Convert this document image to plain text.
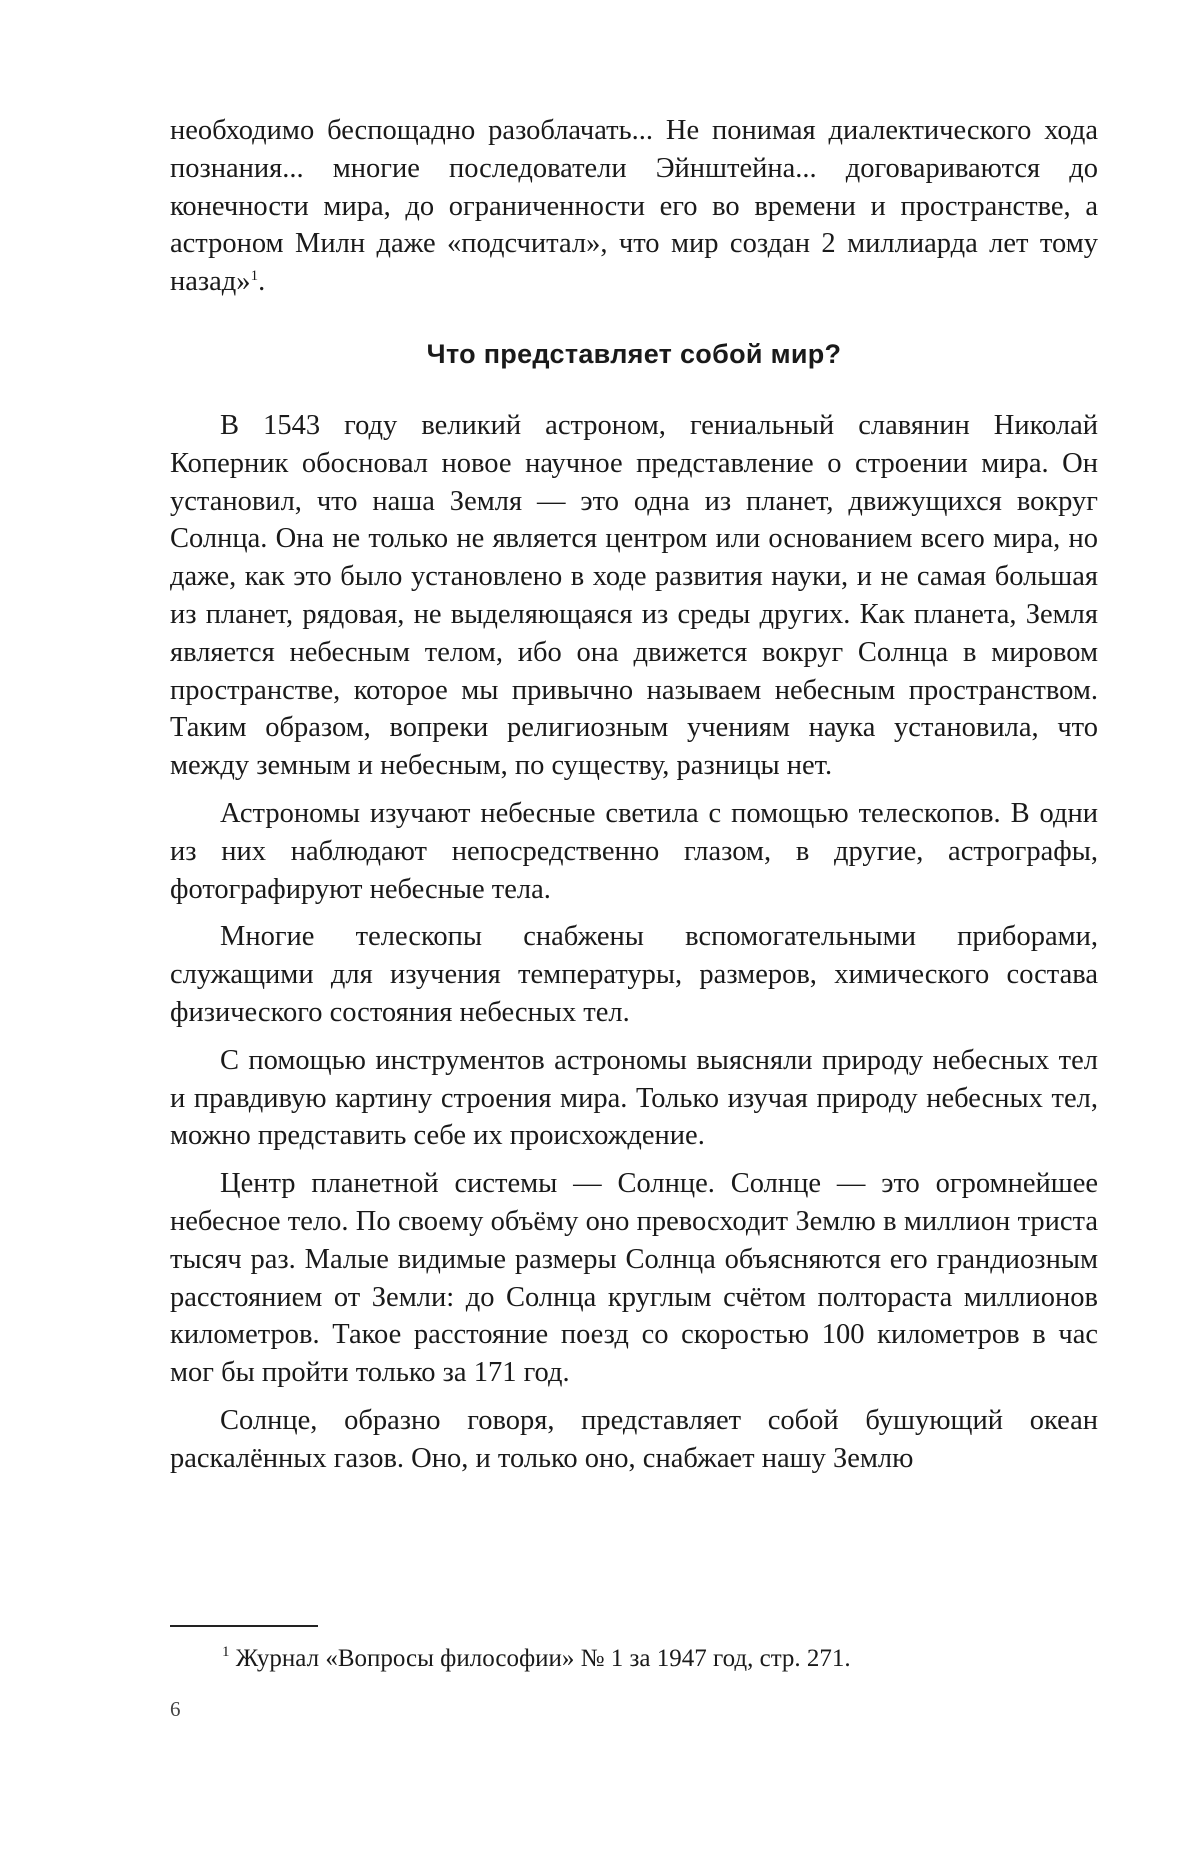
необходимо беспощадно разоблачать... Не понимая диалектического хода познания... многие последователи Эйнштейна... договариваются до конечности мира, до ограниченности его во времени и пространстве, а астроном Милн даже «подсчитал», что мир создан 2 миллиарда лет тому назад»$^1$.

Что представляет собой мир?

В 1543 году великий астроном, гениальный славянин Николай Коперник обосновал новое научное представление о строении мира. Он установил, что наша Земля — это одна из планет, движущихся вокруг Солнца. Она не только не является центром или основанием всего мира, но даже, как это было установлено в ходе развития науки, и не самая большая из планет, рядовая, не выделяющаяся из среды других. Как планета, Земля является небесным телом, ибо она движется вокруг Солнца в мировом пространстве, которое мы привычно называем небесным пространством. Таким образом, вопреки религиозным учениям наука установила, что между земным и небесным, по существу, разницы нет.

Астрономы изучают небесные светила с помощью телескопов. В одни из них наблюдают непосредственно глазом, в другие, астрографы, фотографируют небесные тела.

Многие телескопы снабжены вспомогательными приборами, служащими для изучения температуры, размеров, химического состава физического состояния небесных тел.

С помощью инструментов астрономы выясняли природу небесных тел и правдивую картину строения мира. Только изучая природу небесных тел, можно представить себе их происхождение.

Центр планетной системы — Солнце. Солнце — это огромнейшее небесное тело. По своему объёму оно превосходит Землю в миллион триста тысяч раз. Малые видимые размеры Солнца объясняются его грандиозным расстоянием от Земли: до Солнца круглым счётом полтораста миллионов километров. Такое расстояние поезд со скоростью 100 километров в час мог бы пройти только за 171 год.

Солнце, образно говоря, представляет собой бушующий океан раскалённых газов. Оно, и только оно, снабжает нашу Землю

$^1$ Журнал «Вопросы философии» № 1 за 1947 год, стр. 271.
6
